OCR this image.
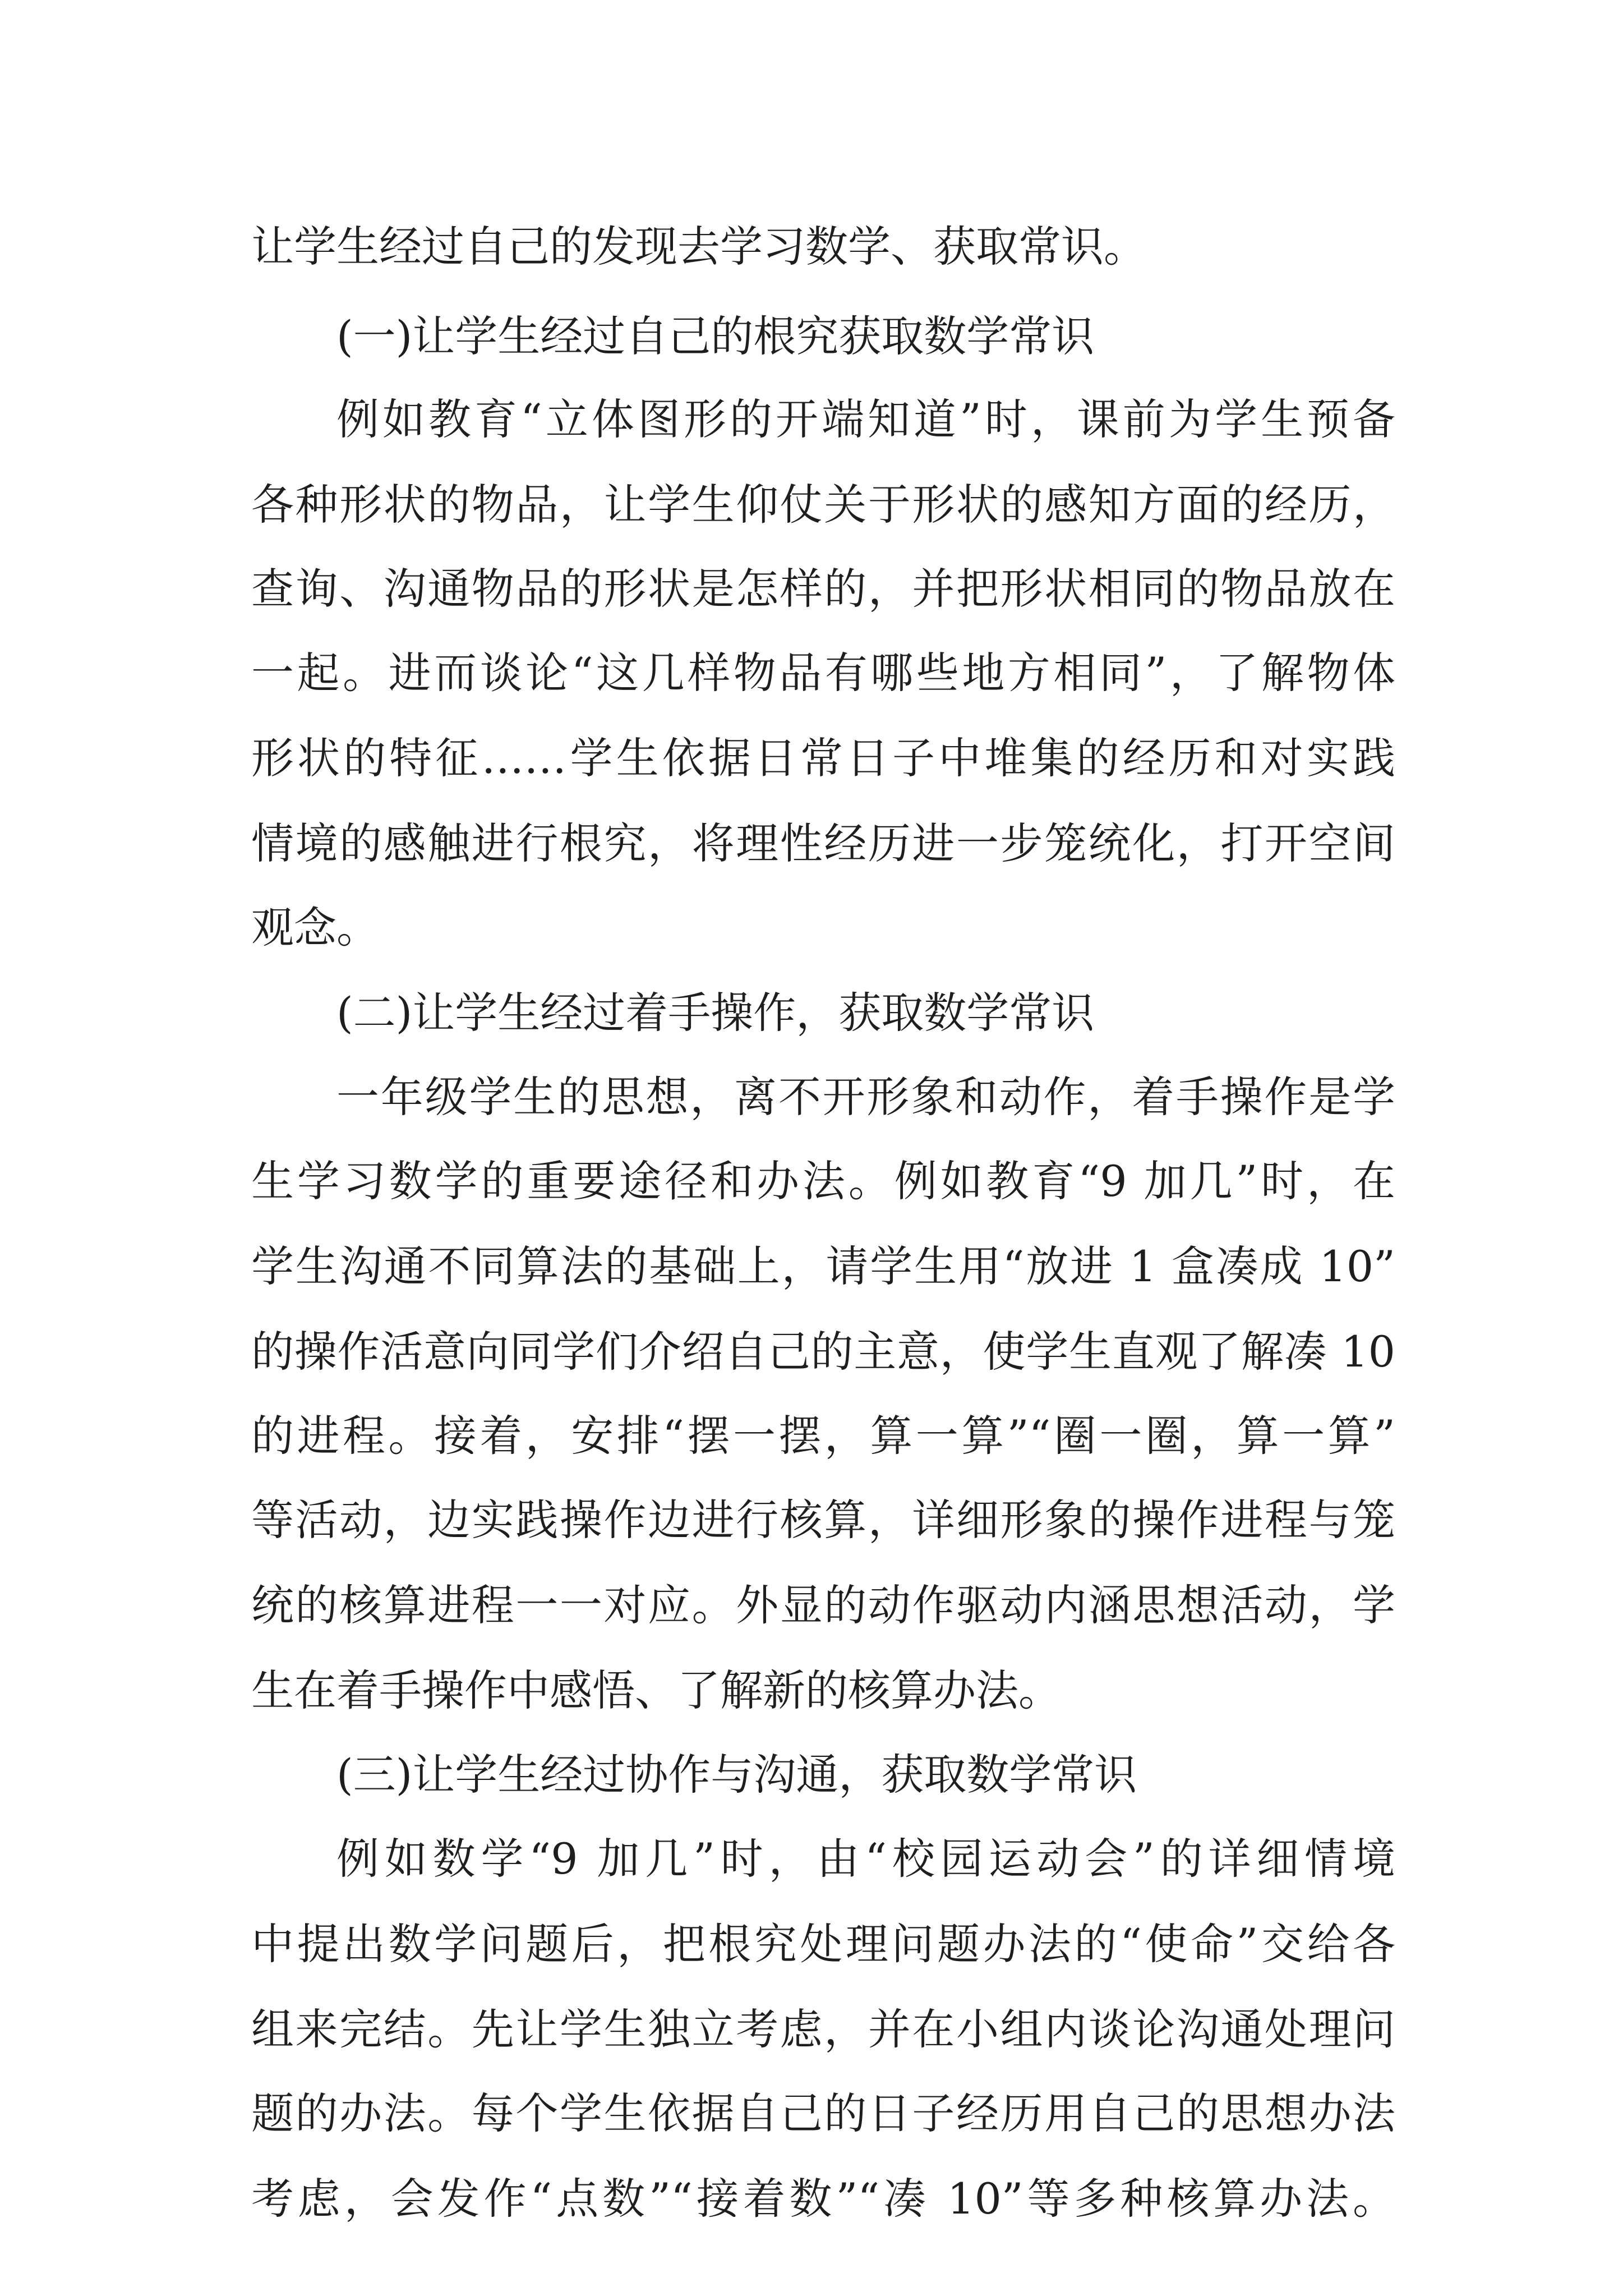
让学生经过自己的发现去学习数学、获取常识。
(一)让学生经过自己的根究获取数学常识
例如教育“立体图形的开端知道”时，课前为学生预备
各种形状的物品，让学生仰仗关于形状的感知方面的经历，
查询、沟通物品的形状是怎样的，并把形状相同的物品放在
一起。进而谈论“这几样物品有哪些地方相同”，了解物体
形状的特征……学生依据日常日子中堆集的经历和对实践
情境的感触进行根究，将理性经历进一步笼统化，打开空间
观念。
(二)让学生经过着手操作，获取数学常识
一年级学生的思想，离不开形象和动作，着手操作是学
生学习数学的重要途径和办法。例如教育“9 加几”时，在
学生沟通不同算法的基础上，请学生用“放进 1 盒凑成 10”
的操作活意向同学们介绍自己的主意，使学生直观了解凑 10
的进程。接着，安排“摆一摆，算一算”“圈一圈，算一算”
等活动，边实践操作边进行核算，详细形象的操作进程与笼
统的核算进程一一对应。外显的动作驱动内涵思想活动，学
生在着手操作中感悟、了解新的核算办法。
(三)让学生经过协作与沟通，获取数学常识
例如数学“9 加几”时，由“校园运动会”的详细情境
中提出数学问题后，把根究处理问题办法的“使命”交给各
组来完结。先让学生独立考虑，并在小组内谈论沟通处理问
题的办法。每个学生依据自己的日子经历用自己的思想办法
考虑，会发作“点数”“接着数”“凑 10”等多种核算办法。
